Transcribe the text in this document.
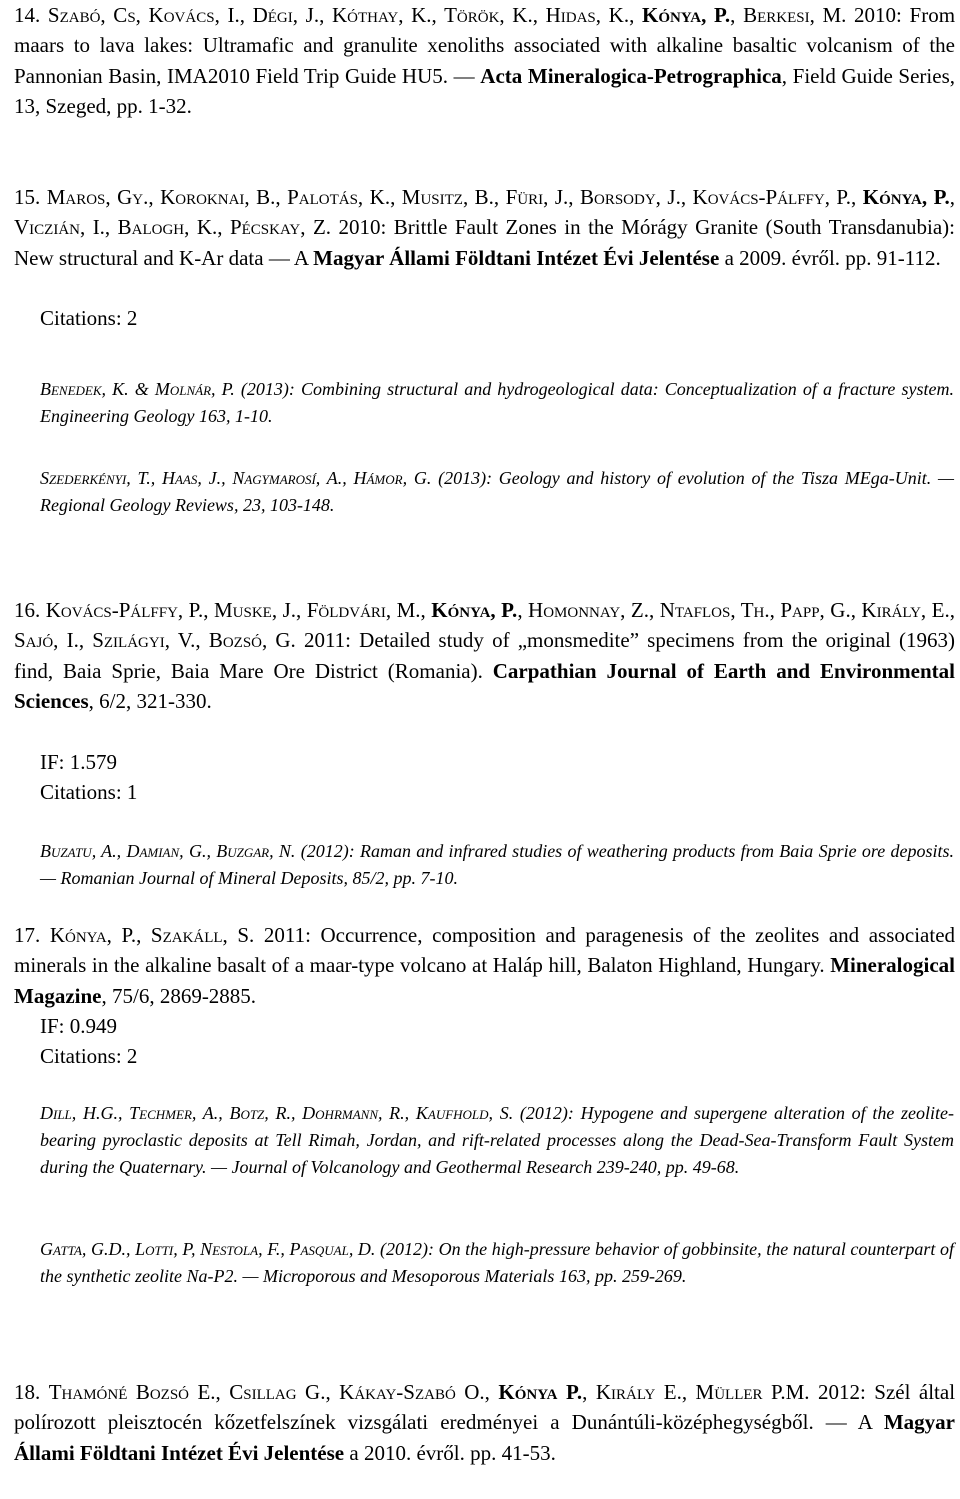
14. Szabó, Cs, Kovács, I., Dégi, J., Kóthay, K., Török, K., Hidas, K., Kónya, P., Berkesi, M. 2010: From maars to lava lakes: Ultramafic and granulite xenoliths associated with alkaline basaltic volcanism of the Pannonian Basin, IMA2010 Field Trip Guide HU5. — Acta Mineralogica-Petrographica, Field Guide Series, 13, Szeged, pp. 1-32.
15. Maros, Gy., Koroknai, B., Palotás, K., Musitz, B., Füri, J., Borsody, J., Kovács-Pálffy, P., Kónya, P., Viczián, I., Balogh, K., Pécskay, Z. 2010: Brittle Fault Zones in the Mórágy Granite (South Transdanubia): New structural and K-Ar data — A Magyar Állami Földtani Intézet Évi Jelentése a 2009. évről. pp. 91-112.
Citations: 2
Benedek, K. & Molnár, P. (2013): Combining structural and hydrogeological data: Conceptualization of a fracture system. Engineering Geology 163, 1-10.
Szederkényi, T., Haas, J., Nagymarosí, A., Hámor, G. (2013): Geology and history of evolution of the Tisza MEga-Unit. — Regional Geology Reviews, 23, 103-148.
16. Kovács-Pálffy, P., Muske, J., Földvári, M., Kónya, P., Homonnay, Z., Ntaflos, Th., Papp, G., Király, E., Sajó, I., Szilágyi, V., Bozsó, G. 2011: Detailed study of „monsmedite” specimens from the original (1963) find, Baia Sprie, Baia Mare Ore District (Romania). Carpathian Journal of Earth and Environmental Sciences, 6/2, 321-330.
IF: 1.579
Citations: 1
Buzatu, A., Damian, G., Buzgar, N. (2012): Raman and infrared studies of weathering products from Baia Sprie ore deposits. — Romanian Journal of Mineral Deposits, 85/2, pp. 7-10.
17. Kónya, P., Szakáll, S. 2011: Occurrence, composition and paragenesis of the zeolites and associated minerals in the alkaline basalt of a maar-type volcano at Haláp hill, Balaton Highland, Hungary. Mineralogical Magazine, 75/6, 2869-2885.
IF: 0.949
Citations: 2
Dill, H.G., Techmer, A., Botz, R., Dohrmann, R., Kaufhold, S. (2012): Hypogene and supergene alteration of the zeolite-bearing pyroclastic deposits at Tell Rimah, Jordan, and rift-related processes along the Dead-Sea-Transform Fault System during the Quaternary. — Journal of Volcanology and Geothermal Research 239-240, pp. 49-68.
Gatta, G.D., Lotti, P, Nestola, F., Pasqual, D. (2012): On the high-pressure behavior of gobbinsite, the natural counterpart of the synthetic zeolite Na-P2. — Microporous and Mesoporous Materials 163, pp. 259-269.
18. Thamóné Bozsó E., Csillag G., Kákay-Szabó O., Kónya P., Király E., Müller P.M. 2012: Szél által polírozott pleisztocén kőzetfelszínek vizsgálati eredményei a Dunántúli-középhegységből. — A Magyar Állami Földtani Intézet Évi Jelentése a 2010. évről. pp. 41-53.
